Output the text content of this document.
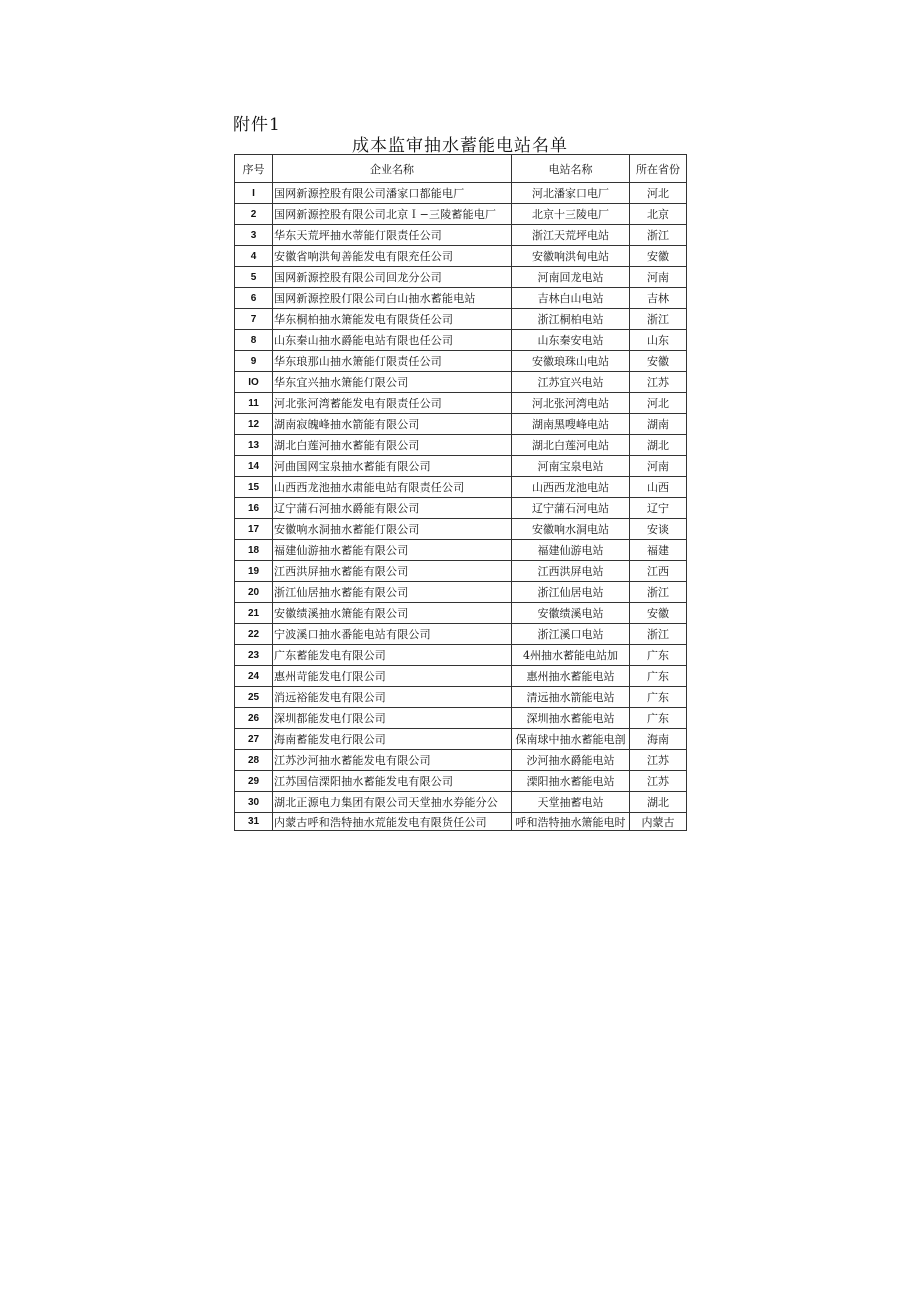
附件1
成本监审抽水蓄能电站名单
序号	企业名称	电站名称	所在省份
I	国网新源控股有限公司潘家口都能电厂	河北潘家口电厂	河北
2	国网新源控股有限公司北京Ｉ−三陵蓄能电厂	北京十三陵电厂	北京
3	华东天荒坪抽水蒂能仃限责任公司	浙江天荒坪电站	浙江
4	安徽省响洪甸善能发电有限充任公司	安徽响洪甸电站	安徽
5	国网新源控股有限公司回龙分公司	河南回龙电站	河南
6	国网新源控股仃限公司白山抽水蓄能电站	吉林白山电站	吉林
7	华东桐柏抽水箫能发电有限货任公司	浙江桐柏电站	浙江
8	山东秦山抽水爵能电站有限也任公司	山东秦安电站	山东
9	华东琅那山抽水箫能仃限责任公司	安徽琅珠山电站	安徽
IO	华东宜兴抽水箫能仃限公司	江苏宜兴电站	江苏
11	河北张河湾蓄能发电有限责任公司	河北张河湾电站	河北
12	湖南寂魄峰抽水箭能有限公司	湖南黑嗖峰电站	湖南
13	湖北白莲河抽水蓄能有限公司	湖北白莲河电站	湖北
14	河曲国网宝泉抽水蓄能有限公司	河南宝泉电站	河南
15	山西西龙池抽水肃能电站有限责任公司	山西西龙池电站	山西
16	辽宁蒲石河抽水爵能有限公司	辽宁蒲石河电站	辽宁
17	安徽响水洞抽水蓄能仃限公司	安徽响水洞电站	安谈
18	福建仙游抽水蓄能有限公司	福建仙游电站	福建
19	江西洪屏抽水蓄能有限公司	江西洪屏电站	江西
20	浙江仙居抽水蓄能有限公司	浙江仙居电站	浙江
21	安徽绩溪抽水箫能有限公司	安徽绩溪电站	安徽
22	宁波溪口抽水番能电站有限公司	浙江溪口电站	浙江
23	广东蓄能发电有限公司	4州抽水蓄能电站加	广东
24	惠州苛能发电仃限公司	惠州抽水蓄能电站	广东
25	消远裕能发电有限公司	清远抽水箭能电站	广东
26	深圳都能发电仃限公司	深圳抽水蓄能电站	广东
27	海南蓄能发电行限公司	保南球中抽水蓄能电剖	海南
28	江苏沙河抽水蓄能发电有限公司	沙河抽水爵能电站	江苏
29	江苏国信溧阳抽水蓄能发电有限公司	溧阳抽水蓄能电站	江苏
30	湖北正源电力集团有限公司天堂抽水券能分公	天堂抽蓄电站	湖北
31	内蒙古呼和浩特抽水荒能发电有限货任公司	呼和浩特抽水箫能电时	内蒙古
